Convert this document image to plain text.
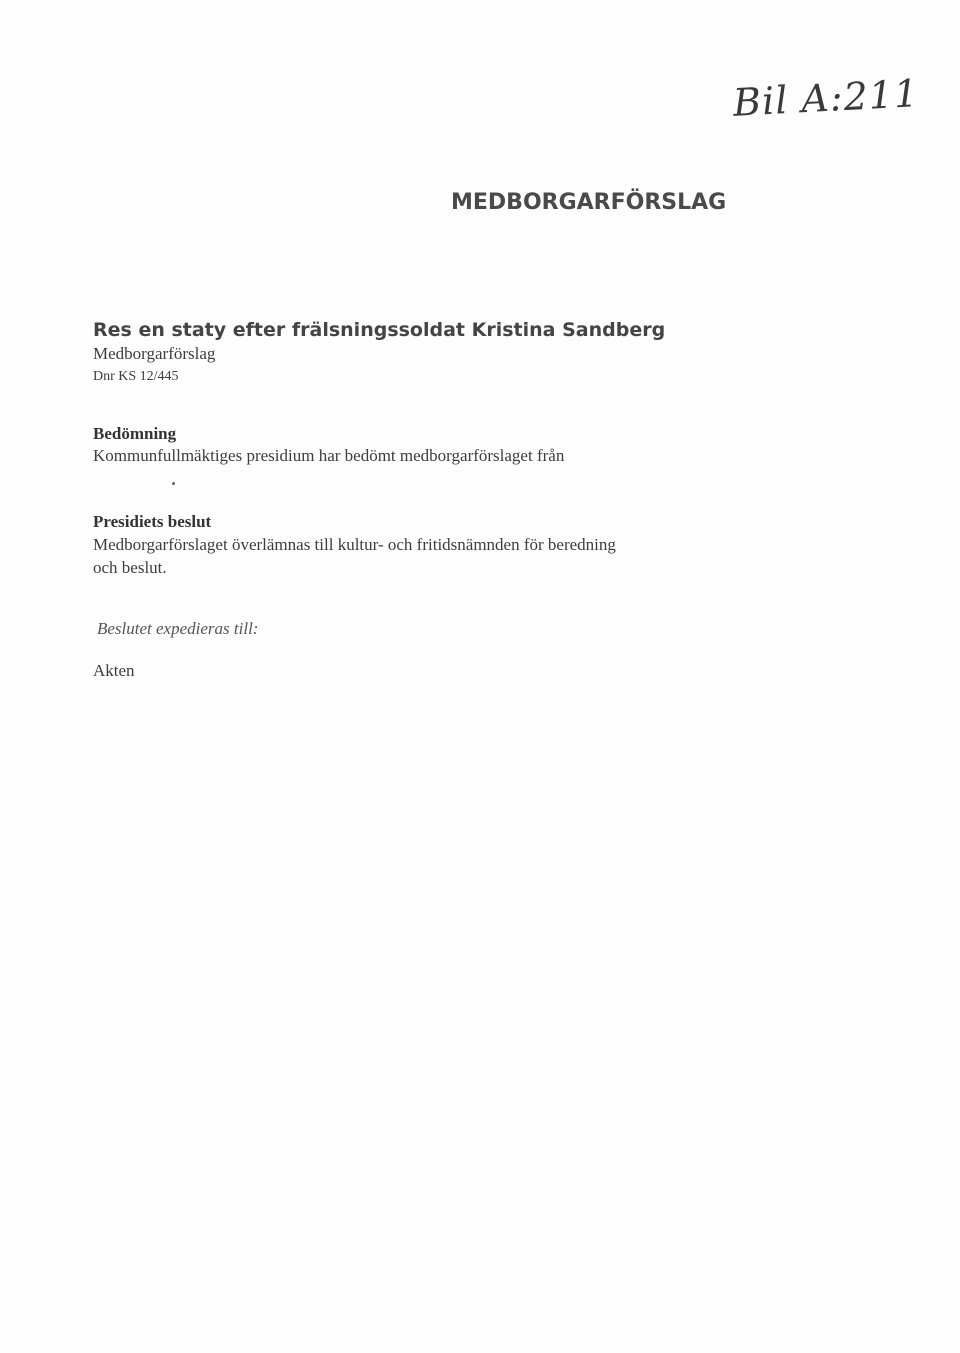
Bil A:211
MEDBORGARFÖRSLAG
Res en staty efter frälsningssoldat Kristina Sandberg
Medborgarförslag
Dnr KS 12/445
Bedömning
Kommunfullmäktiges presidium har bedömt medborgarförslaget från
Presidiets beslut
Medborgarförslaget överlämnas till kultur- och fritidsnämnden för beredning
och beslut.
Beslutet expedieras till:
Akten
